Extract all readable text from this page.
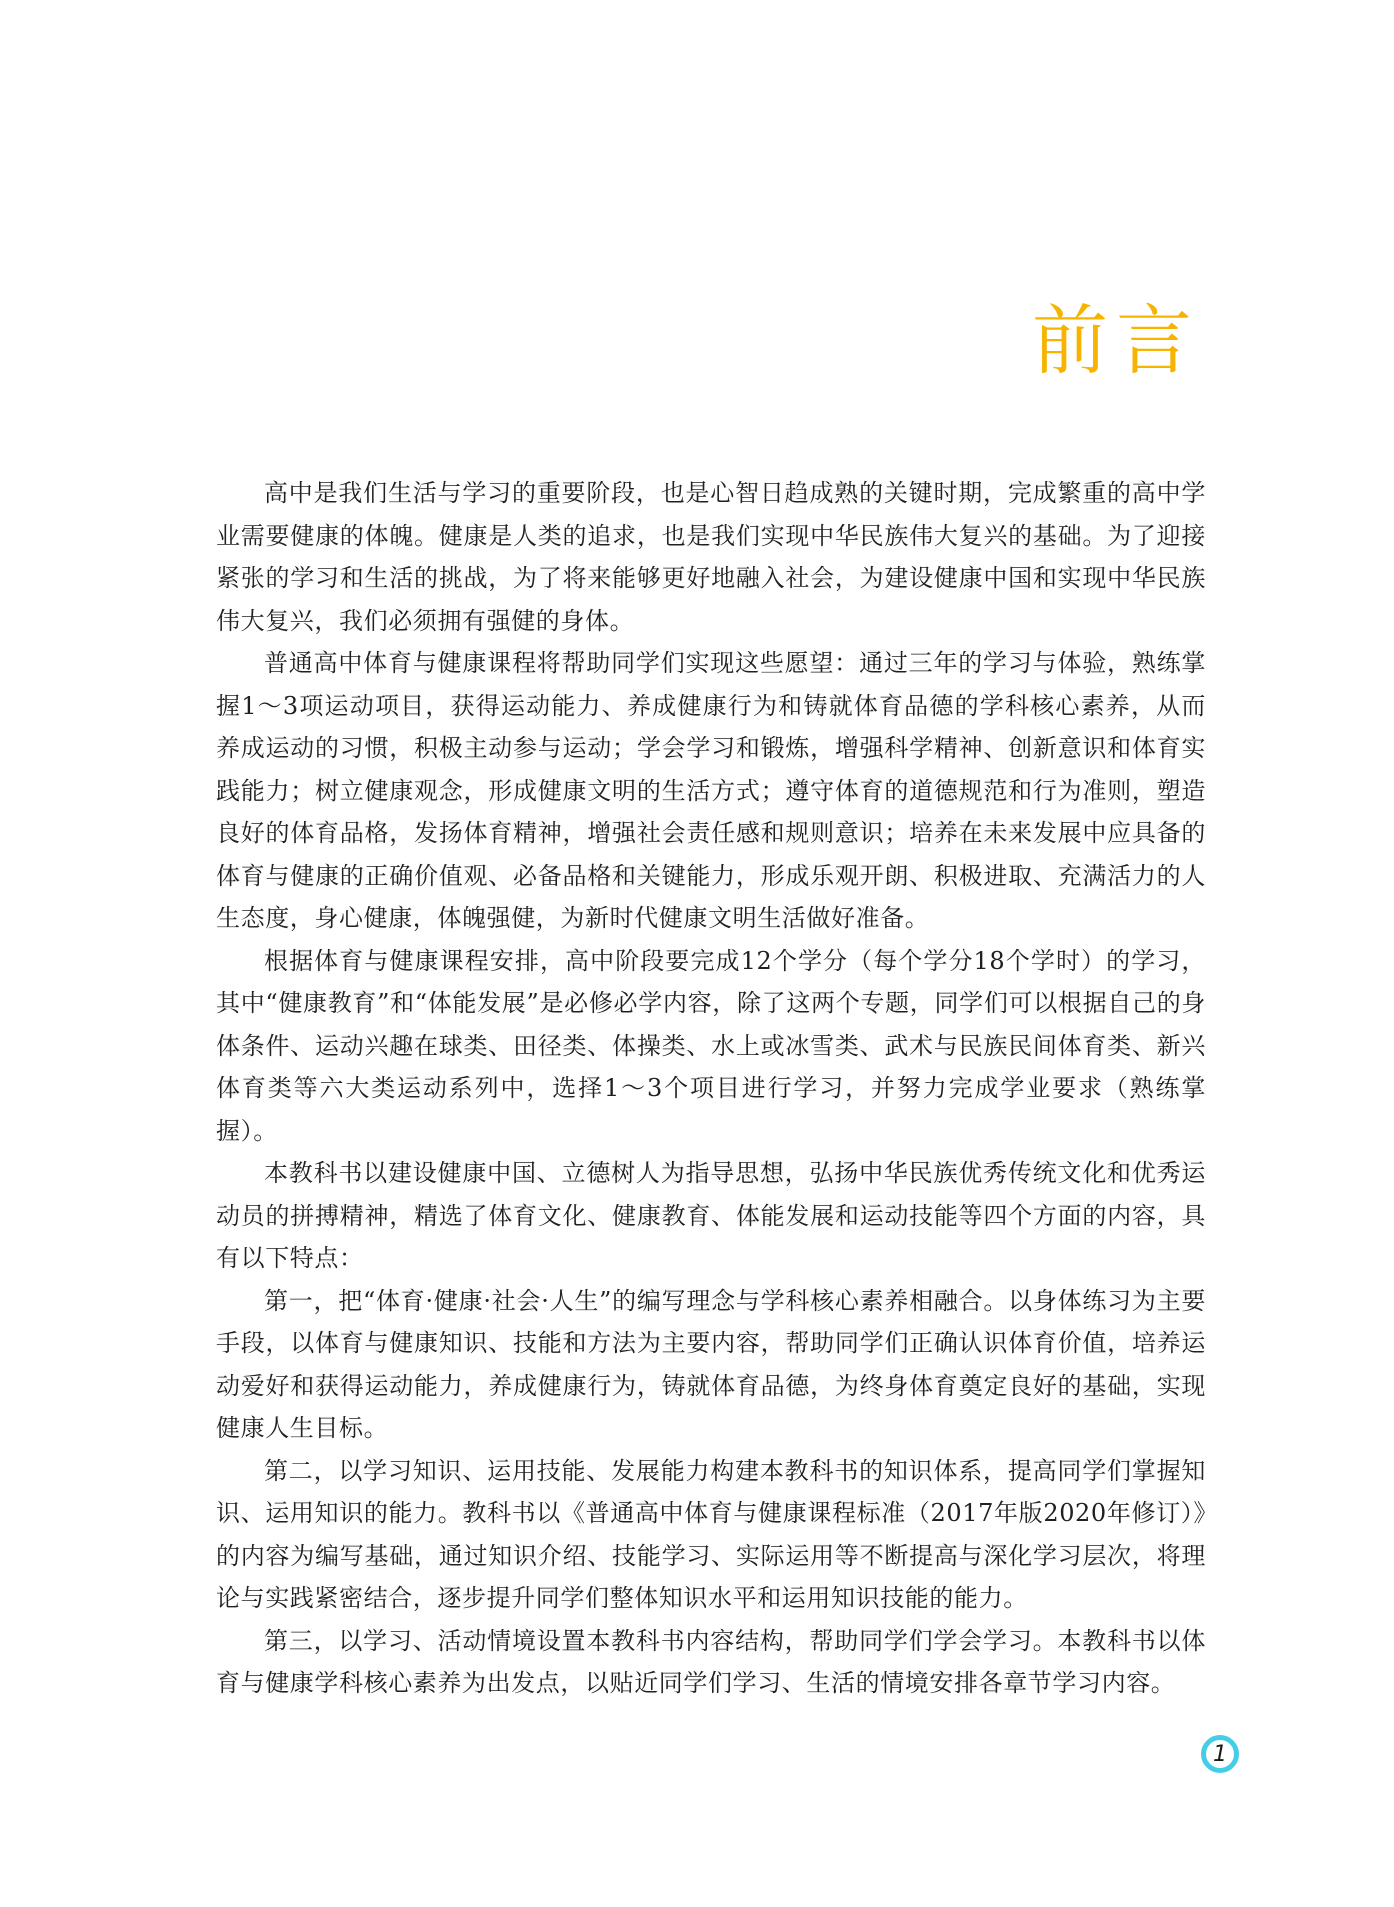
前言

高中是我们生活与学习的重要阶段，也是心智日趋成熟的关键时期，完成繁重的高中学业需要健康的体魄。健康是人类的追求，也是我们实现中华民族伟大复兴的基础。为了迎接紧张的学习和生活的挑战，为了将来能够更好地融入社会，为建设健康中国和实现中华民族伟大复兴，我们必须拥有强健的身体。

普通高中体育与健康课程将帮助同学们实现这些愿望：通过三年的学习与体验，熟练掌握1～3项运动项目，获得运动能力、养成健康行为和铸就体育品德的学科核心素养，从而养成运动的习惯，积极主动参与运动；学会学习和锻炼，增强科学精神、创新意识和体育实践能力；树立健康观念，形成健康文明的生活方式；遵守体育的道德规范和行为准则，塑造良好的体育品格，发扬体育精神，增强社会责任感和规则意识；培养在未来发展中应具备的体育与健康的正确价值观、必备品格和关键能力，形成乐观开朗、积极进取、充满活力的人生态度，身心健康，体魄强健，为新时代健康文明生活做好准备。

根据体育与健康课程安排，高中阶段要完成12个学分（每个学分18个学时）的学习，其中“健康教育”和“体能发展”是必修必学内容，除了这两个专题，同学们可以根据自己的身体条件、运动兴趣在球类、田径类、体操类、水上或冰雪类、武术与民族民间体育类、新兴体育类等六大类运动系列中，选择1～3个项目进行学习，并努力完成学业要求（熟练掌握）。

本教科书以建设健康中国、立德树人为指导思想，弘扬中华民族优秀传统文化和优秀运动员的拼搏精神，精选了体育文化、健康教育、体能发展和运动技能等四个方面的内容，具有以下特点：

第一，把“体育·健康·社会·人生”的编写理念与学科核心素养相融合。以身体练习为主要手段，以体育与健康知识、技能和方法为主要内容，帮助同学们正确认识体育价值，培养运动爱好和获得运动能力，养成健康行为，铸就体育品德，为终身体育奠定良好的基础，实现健康人生目标。

第二，以学习知识、运用技能、发展能力构建本教科书的知识体系，提高同学们掌握知识、运用知识的能力。教科书以《普通高中体育与健康课程标准（2017年版2020年修订）》的内容为编写基础，通过知识介绍、技能学习、实际运用等不断提高与深化学习层次，将理论与实践紧密结合，逐步提升同学们整体知识水平和运用知识技能的能力。

第三，以学习、活动情境设置本教科书内容结构，帮助同学们学会学习。本教科书以体育与健康学科核心素养为出发点，以贴近同学们学习、生活的情境安排各章节学习内容。

1
